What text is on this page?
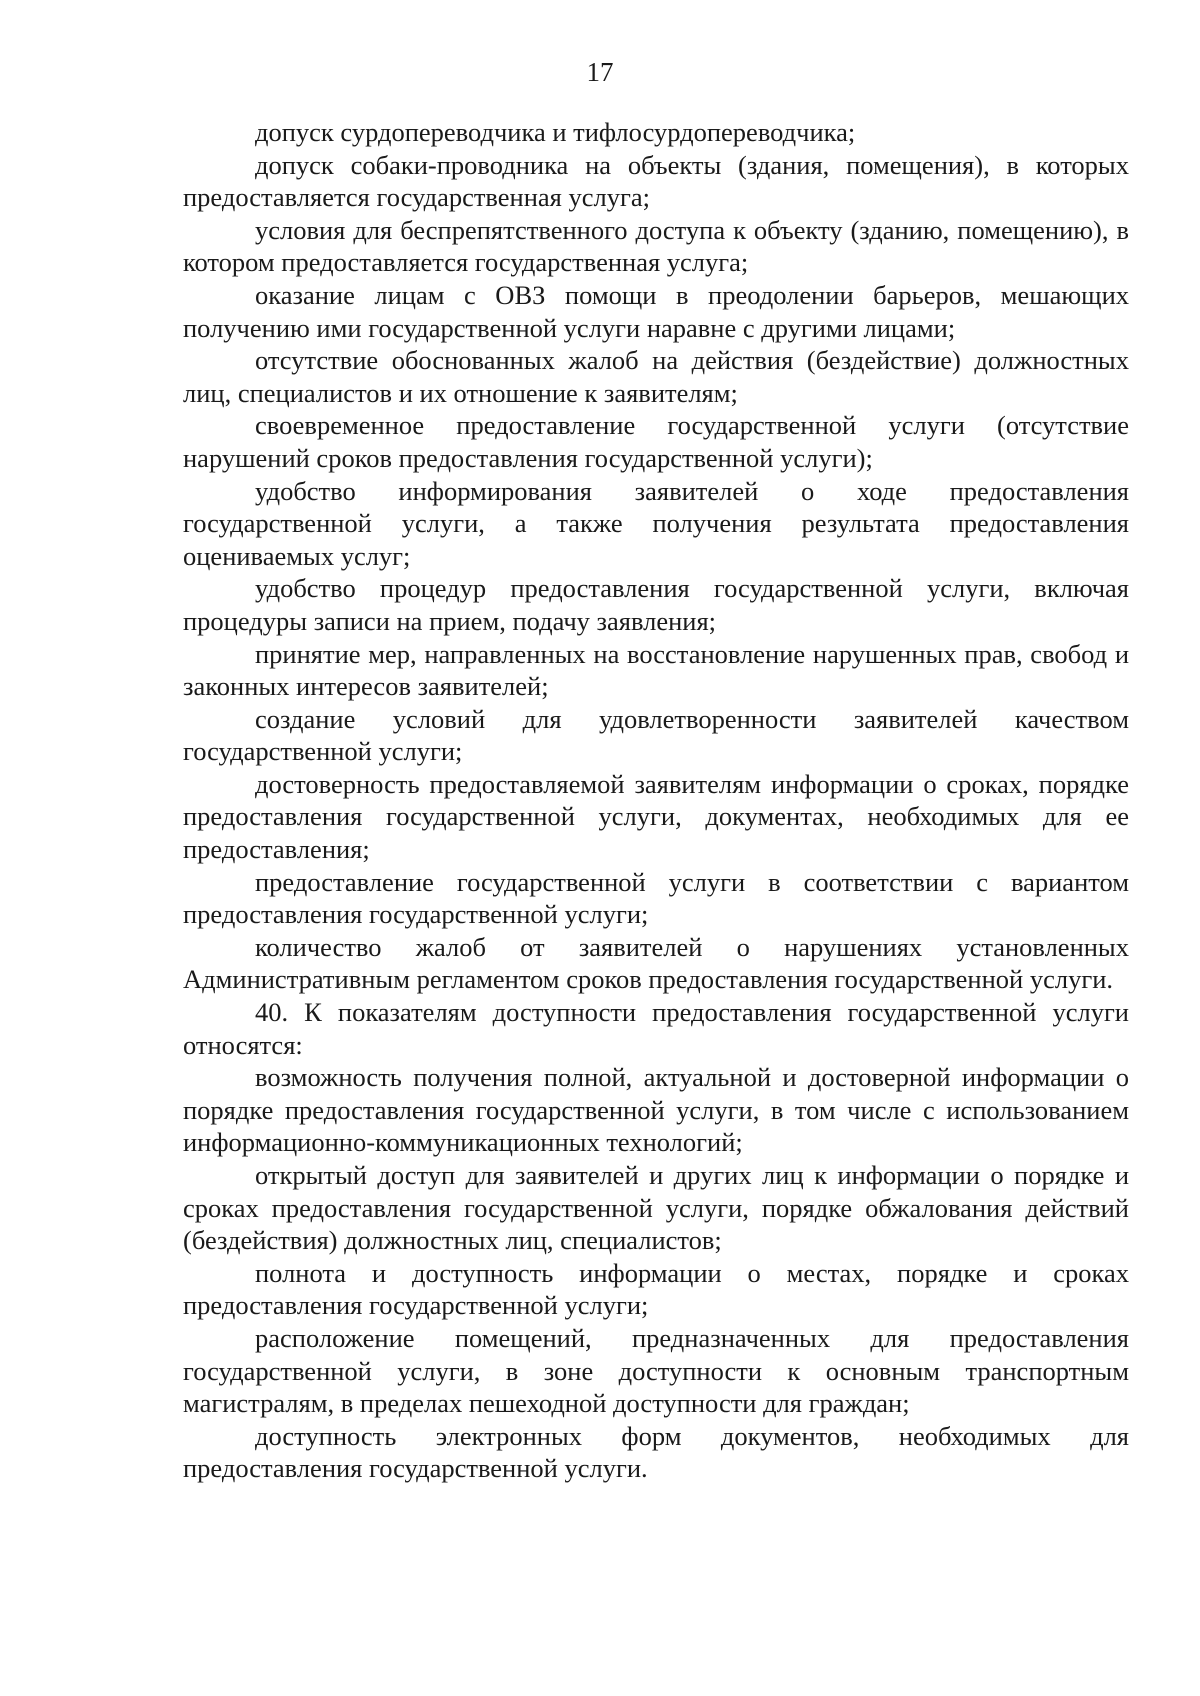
17

допуск сурдопереводчика и тифлосурдопереводчика;

допуск собаки-проводника на объекты (здания, помещения), в которых предоставляется государственная услуга;

условия для беспрепятственного доступа к объекту (зданию, помещению), в котором предоставляется государственная услуга;

оказание лицам с ОВЗ помощи в преодолении барьеров, мешающих получению ими государственной услуги наравне с другими лицами;

отсутствие обоснованных жалоб на действия (бездействие) должностных лиц, специалистов и их отношение к заявителям;

своевременное предоставление государственной услуги (отсутствие нарушений сроков предоставления государственной услуги);

удобство информирования заявителей о ходе предоставления государственной услуги, а также получения результата предоставления оцениваемых услуг;

удобство процедур предоставления государственной услуги, включая процедуры записи на прием, подачу заявления;

принятие мер, направленных на восстановление нарушенных прав, свобод и законных интересов заявителей;

создание условий для удовлетворенности заявителей качеством государственной услуги;

достоверность предоставляемой заявителям информации о сроках, порядке предоставления государственной услуги, документах, необходимых для ее предоставления;

предоставление государственной услуги в соответствии с вариантом предоставления государственной услуги;

количество жалоб от заявителей о нарушениях установленных Административным регламентом сроков предоставления государственной услуги.

40. К показателям доступности предоставления государственной услуги относятся:

возможность получения полной, актуальной и достоверной информации о порядке предоставления государственной услуги, в том числе с использованием информационно-коммуникационных технологий;

открытый доступ для заявителей и других лиц к информации о порядке и сроках предоставления государственной услуги, порядке обжалования действий (бездействия) должностных лиц, специалистов;

полнота и доступность информации о местах, порядке и сроках предоставления государственной услуги;

расположение помещений, предназначенных для предоставления государственной услуги, в зоне доступности к основным транспортным магистралям, в пределах пешеходной доступности для граждан;

доступность электронных форм документов, необходимых для предоставления государственной услуги.
